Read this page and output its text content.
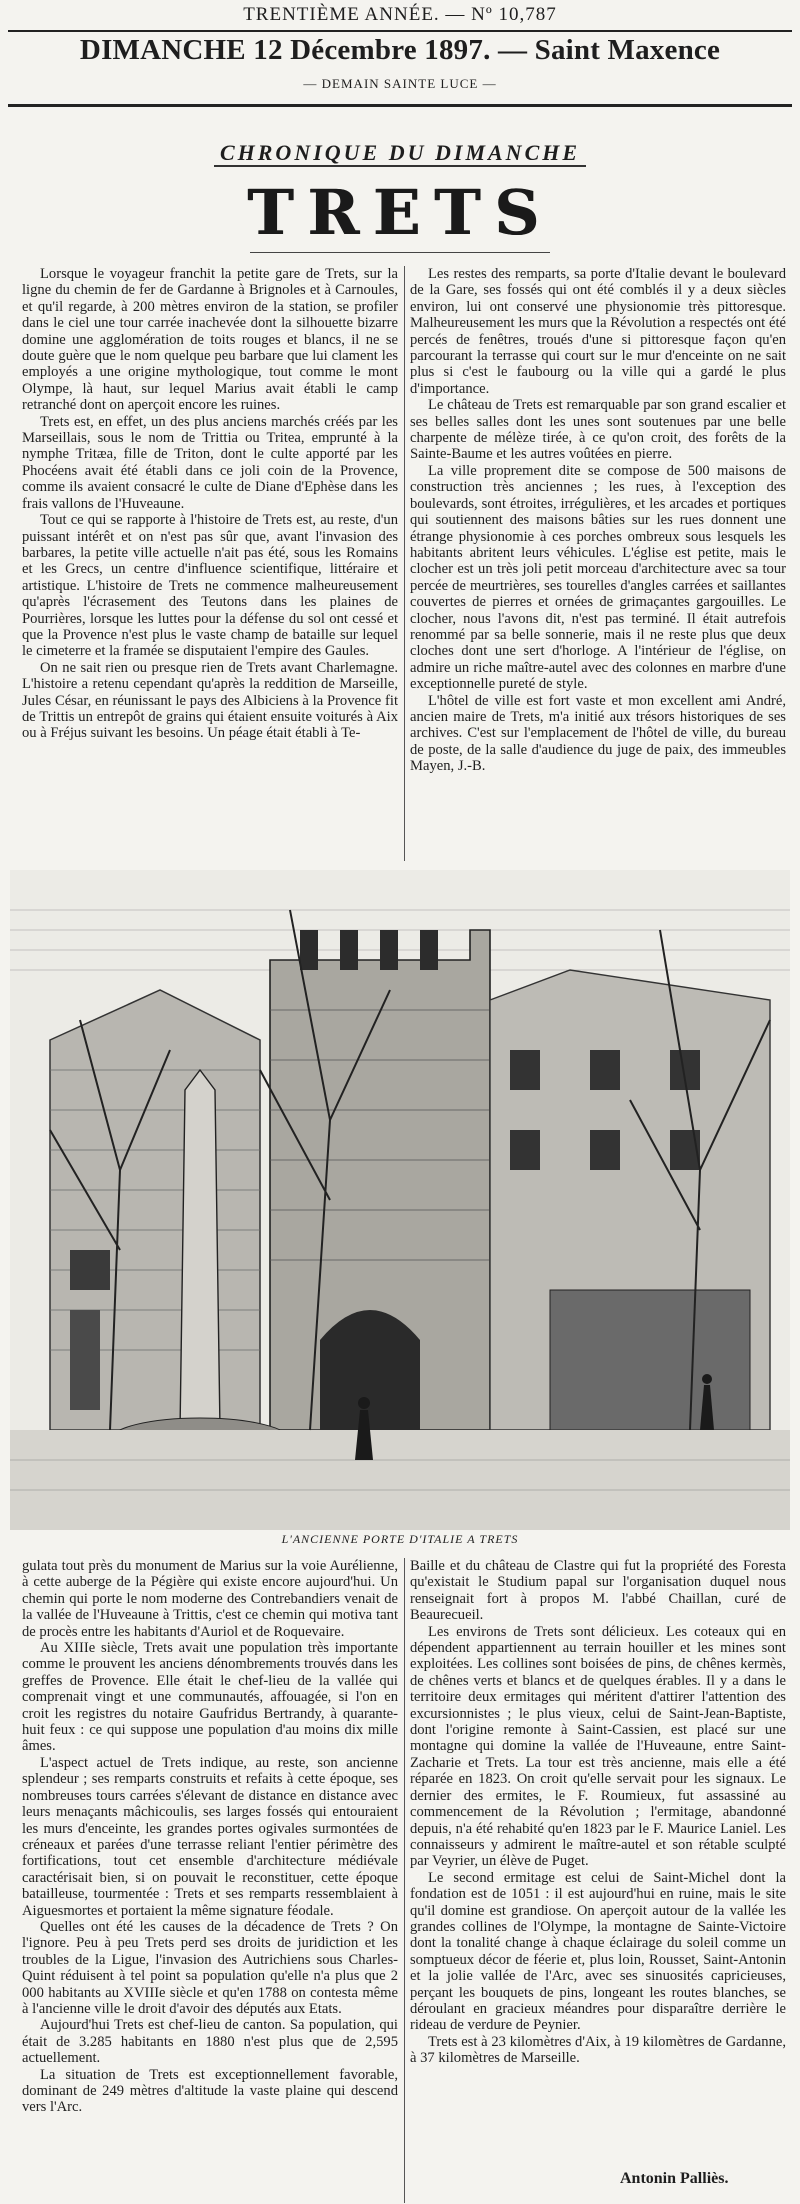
TRENTIÈME ANNÉE. — Nº 10,787
DIMANCHE 12 Décembre 1897. — Saint Maxence
— DEMAIN SAINTE LUCE —
CHRONIQUE DU DIMANCHE
TRETS

Lorsque le voyageur franchit la petite gare de Trets, sur la ligne du chemin de fer de Gardanne à Brignoles et à Carnoules, et qu'il regarde, à 200 mètres environ de la station, se profiler dans le ciel une tour carrée inachevée dont la silhouette bizarre domine une agglomération de toits rouges et blancs, il ne se doute guère que le nom quelque peu barbare que lui clament les employés a une origine mythologique, tout comme le mont Olympe, là haut, sur lequel Marius avait établi le camp retranché dont on aperçoit encore les ruines.

Trets est, en effet, un des plus anciens marchés créés par les Marseillais, sous le nom de Trittia ou Tritea, emprunté à la nymphe Tritæa, fille de Triton, dont le culte apporté par les Phocéens avait été établi dans ce joli coin de la Provence, comme ils avaient consacré le culte de Diane d'Ephèse dans les frais vallons de l'Huveaune.

Tout ce qui se rapporte à l'histoire de Trets est, au reste, d'un puissant intérêt et on n'est pas sûr que, avant l'invasion des barbares, la petite ville actuelle n'ait pas été, sous les Romains et les Grecs, un centre d'influence scientifique, littéraire et artistique. L'histoire de Trets ne commence malheureusement qu'après l'écrasement des Teutons dans les plaines de Pourrières, lorsque les luttes pour la défense du sol ont cessé et que la Provence n'est plus le vaste champ de bataille sur lequel le cimeterre et la framée se disputaient l'empire des Gaules.

On ne sait rien ou presque rien de Trets avant Charlemagne. L'histoire a retenu cependant qu'après la reddition de Marseille, Jules César, en réunissant le pays des Albiciens à la Provence fit de Trittis un entrepôt de grains qui étaient ensuite voiturés à Aix ou à Fréjus suivant les besoins. Un péage était établi à Te-

Les restes des remparts, sa porte d'Italie devant le boulevard de la Gare, ses fossés qui ont été comblés il y a deux siècles environ, lui ont conservé une physionomie très pittoresque. Malheureusement les murs que la Révolution a respectés ont été percés de fenêtres, troués d'une si pittoresque façon qu'en parcourant la terrasse qui court sur le mur d'enceinte on ne sait plus si c'est le faubourg ou la ville qui a gardé le plus d'importance.

Le château de Trets est remarquable par son grand escalier et ses belles salles dont les unes sont soutenues par une belle charpente de mélèze tirée, à ce qu'on croit, des forêts de la Sainte-Baume et les autres voûtées en pierre.

La ville proprement dite se compose de 500 maisons de construction très anciennes ; les rues, à l'exception des boulevards, sont étroites, irrégulières, et les arcades et portiques qui soutiennent des maisons bâties sur les rues donnent une étrange physionomie à ces porches ombreux sous lesquels les habitants abritent leurs véhicules. L'église est petite, mais le clocher est un très joli petit morceau d'architecture avec sa tour percée de meurtrières, ses tourelles d'angles carrées et saillantes couvertes de pierres et ornées de grimaçantes gargouilles. Le clocher, nous l'avons dit, n'est pas terminé. Il était autrefois renommé par sa belle sonnerie, mais il ne reste plus que deux cloches dont une sert d'horloge. A l'intérieur de l'église, on admire un riche maître-autel avec des colonnes en marbre d'une exceptionnelle pureté de style.

L'hôtel de ville est fort vaste et mon excellent ami André, ancien maire de Trets, m'a initié aux trésors historiques de ses archives. C'est sur l'emplacement de l'hôtel de ville, du bureau de poste, de la salle d'audience du juge de paix, des immeubles Mayen, J.-B.

L'ANCIENNE PORTE D'ITALIE A TRETS

gulata tout près du monument de Marius sur la voie Aurélienne, à cette auberge de la Pégière qui existe encore aujourd'hui. Un chemin qui porte le nom moderne des Contrebandiers venait de la vallée de l'Huveaune à Trittis, c'est ce chemin qui motiva tant de procès entre les habitants d'Auriol et de Roquevaire.

Au XIIIe siècle, Trets avait une population très importante comme le prouvent les anciens dénombrements trouvés dans les greffes de Provence. Elle était le chef-lieu de la vallée qui comprenait vingt et une communautés, affouagée, si l'on en croit les registres du notaire Gaufridus Bertrandy, à quarante-huit feux : ce qui suppose une population d'au moins dix mille âmes.

L'aspect actuel de Trets indique, au reste, son ancienne splendeur ; ses remparts construits et refaits à cette époque, ses nombreuses tours carrées s'élevant de distance en distance avec leurs menaçants mâchicoulis, ses larges fossés qui entouraient les murs d'enceinte, les grandes portes ogivales surmontées de créneaux et parées d'une terrasse reliant l'entier périmètre des fortifications, tout cet ensemble d'architecture médiévale caractérisait bien, si on pouvait le reconstituer, cette époque batailleuse, tourmentée : Trets et ses remparts ressemblaient à Aiguesmortes et portaient la même signature féodale.

Quelles ont été les causes de la décadence de Trets ? On l'ignore. Peu à peu Trets perd ses droits de juridiction et les troubles de la Ligue, l'invasion des Autrichiens sous Charles-Quint réduisent à tel point sa population qu'elle n'a plus que 2 000 habitants au XVIIIe siècle et qu'en 1788 on contesta même à l'ancienne ville le droit d'avoir des députés aux Etats.

Aujourd'hui Trets est chef-lieu de canton. Sa population, qui était de 3.285 habitants en 1880 n'est plus que de 2,595 actuellement.

La situation de Trets est exceptionnellement favorable, dominant de 249 mètres d'altitude la vaste plaine qui descend vers l'Arc.

Baille et du château de Clastre qui fut la propriété des Foresta qu'existait le Studium papal sur l'organisation duquel nous renseignait fort à propos M. l'abbé Chaillan, curé de Beaurecueil.

Les environs de Trets sont délicieux. Les coteaux qui en dépendent appartiennent au terrain houiller et les mines sont exploitées. Les collines sont boisées de pins, de chênes kermès, de chênes verts et blancs et de quelques érables. Il y a dans le territoire deux ermitages qui méritent d'attirer l'attention des excursionnistes ; le plus vieux, celui de Saint-Jean-Baptiste, dont l'origine remonte à Saint-Cassien, est placé sur une montagne qui domine la vallée de l'Huveaune, entre Saint-Zacharie et Trets. La tour est très ancienne, mais elle a été réparée en 1823. On croit qu'elle servait pour les signaux. Le dernier des ermites, le F. Roumieux, fut assassiné au commencement de la Révolution ; l'ermitage, abandonné depuis, n'a été rehabité qu'en 1823 par le F. Maurice Laniel. Les connaisseurs y admirent le maître-autel et son rétable sculpté par Veyrier, un élève de Puget.

Le second ermitage est celui de Saint-Michel dont la fondation est de 1051 : il est aujourd'hui en ruine, mais le site qu'il domine est grandiose. On aperçoit autour de la vallée les grandes collines de l'Olympe, la montagne de Sainte-Victoire dont la tonalité change à chaque éclairage du soleil comme un somptueux décor de féerie et, plus loin, Rousset, Saint-Antonin et la jolie vallée de l'Arc, avec ses sinuosités capricieuses, perçant les bouquets de pins, longeant les routes blanches, se déroulant en gracieux méandres pour disparaître derrière le rideau de verdure de Peynier.

Trets est à 23 kilomètres d'Aix, à 19 kilomètres de Gardanne, à 37 kilomètres de Marseille.

Antonin Palliès.
